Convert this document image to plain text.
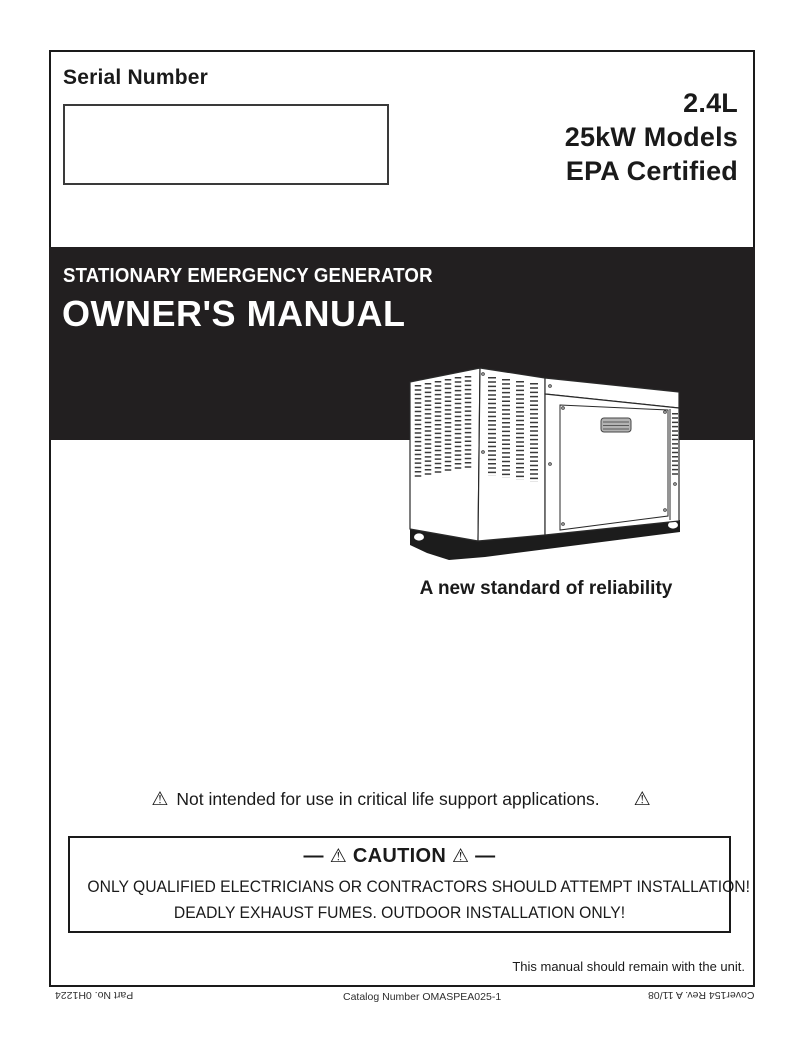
Serial Number
2.4L
25kW Models
EPA Certified
STATIONARY EMERGENCY GENERATOR
OWNER'S MANUAL
A new standard of reliability
⚠ Not intended for use in critical life support applications. ⚠
— ⚠ CAUTION ⚠ —
ONLY QUALIFIED ELECTRICIANS OR CONTRACTORS SHOULD ATTEMPT INSTALLATION!
DEADLY EXHAUST FUMES. OUTDOOR INSTALLATION ONLY!
This manual should remain with the unit.
Part No. 0H1224	Catalog Number OMASPEA025-1	Cover154 Rev. A 11/08
